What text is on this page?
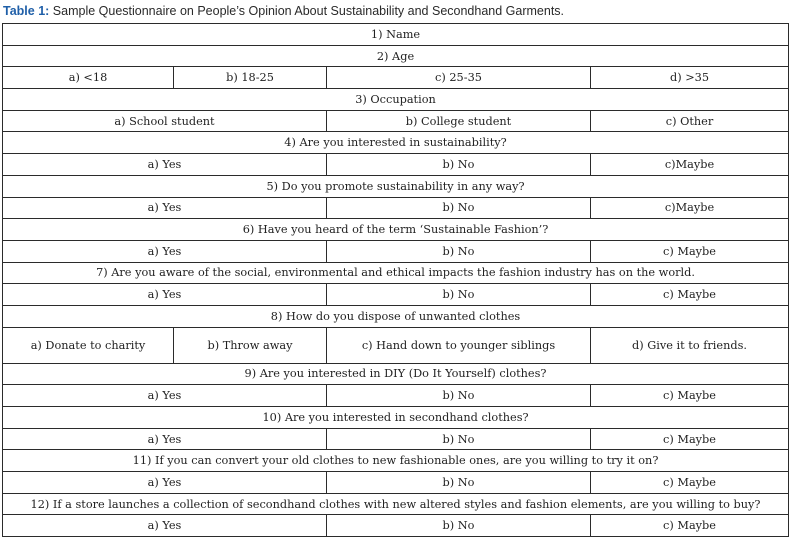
Table 1: Sample Questionnaire on People’s Opinion About Sustainability and Secondhand Garments.
1) Name			
2) Age			
a) <18	b) 18-25	c) 25-35	d) >35
3) Occupation			
a) School student		b) College student	c) Other
4) Are you interested in sustainability?			
a) Yes		b) No	c)Maybe
5) Do you promote sustainability in any way?			
a) Yes		b) No	c)Maybe
6) Have you heard of the term ‘Sustainable Fashion’?			
a) Yes		b) No	c) Maybe
7) Are you aware of the social, environmental and ethical impacts the fashion industry has on the world.			
a) Yes		b) No	c) Maybe
8) How do you dispose of unwanted clothes			
a) Donate to charity	b) Throw away	c) Hand down to younger siblings	d) Give it to friends.
9) Are you interested in DIY (Do It Yourself) clothes?			
a) Yes		b) No	c) Maybe
10) Are you interested in secondhand clothes?			
a) Yes		b) No	c) Maybe
11) If you can convert your old clothes to new fashionable ones, are you willing to try it on?			
a) Yes		b) No	c) Maybe
12) If a store launches a collection of secondhand clothes with new altered styles and fashion elements, are you willing to buy?			
a) Yes		b) No	c) Maybe
